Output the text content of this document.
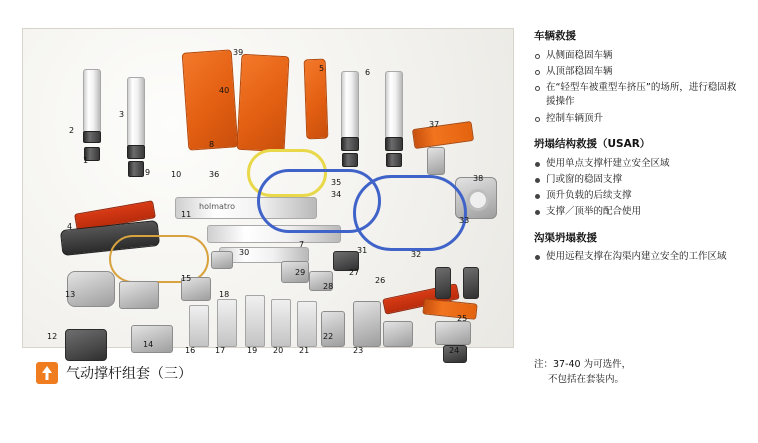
holmatro
2
1
3
9	10
8
36
39
40
5	6
37
38
35
34
33
4
11
7
30	31	32
26
25
24
13
12
14
15
16 17
18
19 20 21
22
23
29
28
27
气动撑杆组套（三）
车辆救援
从侧面稳固车辆
从顶部稳固车辆
在“轻型车被重型车挤压”的场所，进行稳固救援操作
控制车辆顶升
坍塌结构救援（USAR）
使用单点支撑杆建立安全区域
门或窗的稳固支撑
顶升负载的后续支撑
支撑／顶举的配合使用
沟渠坍塌救援
使用远程支撑在沟渠内建立安全的工作区域
注：37-40 为可选件，
不包括在套装内。
